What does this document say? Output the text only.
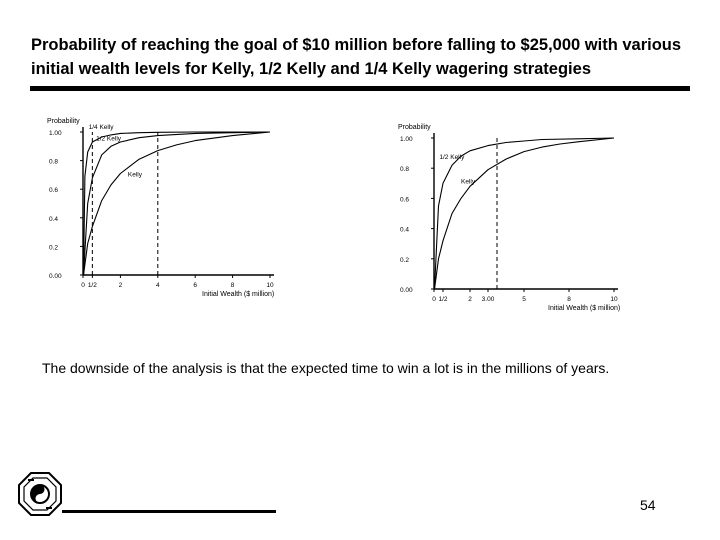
Probability of reaching the goal of $10 million before falling to $25,000 with various initial wealth levels for Kelly, 1/2 Kelly and 1/4 Kelly wagering strategies
Probability
Initial Wealth ($ million)
0.00
0.2
0.4
0.6
0.8
1.00
0 1/2	2	4	6	8	10
1/4 Kelly
1/2 Kelly
Kelly
Probability
Initial Wealth ($ million)
0.00
0.2
0.4
0.6
0.8
1.00
0 1/2	2 3.00	5	8	10
1/2 Kelly
Kelly
The downside of the analysis is that the expected time to win a lot is in the millions of years.
54
